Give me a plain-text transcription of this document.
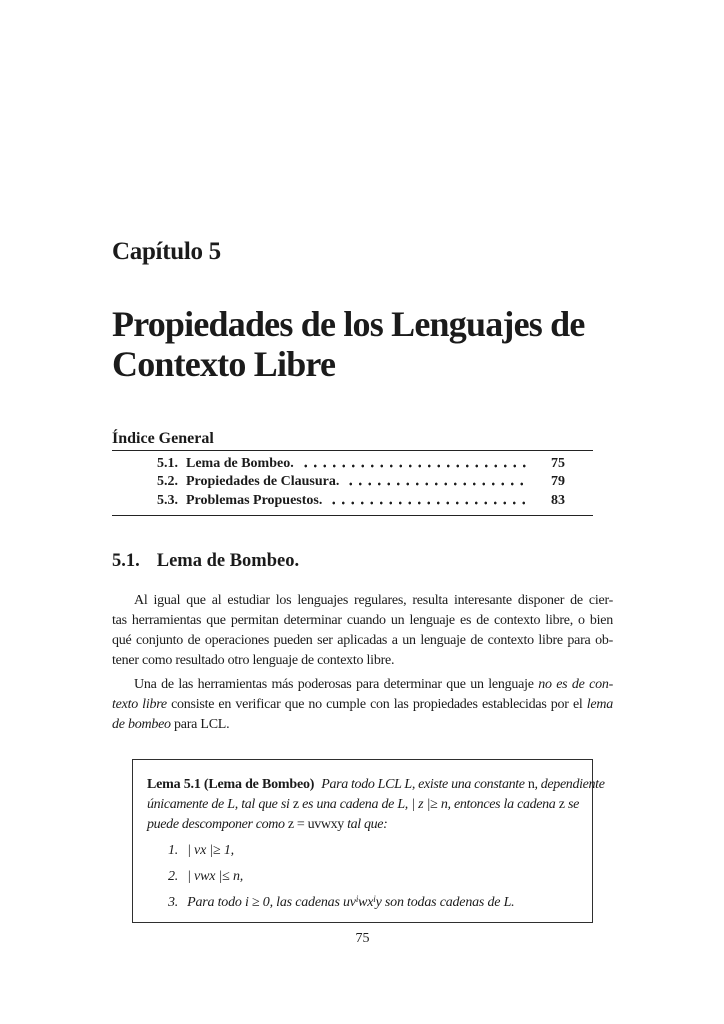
Capítulo 5
Propiedades de los Lenguajes de
Contexto Libre
Índice General
5.1. Lema de Bombeo.	75
5.2. Propiedades de Clausura.	79
5.3. Problemas Propuestos.	83
5.1. Lema de Bombeo.
Al igual que al estudiar los lenguajes regulares, resulta interesante disponer de cier-
tas herramientas que permitan determinar cuando un lenguaje es de contexto libre, o bien
qué conjunto de operaciones pueden ser aplicadas a un lenguaje de contexto libre para ob-
tener como resultado otro lenguaje de contexto libre.
Una de las herramientas más poderosas para determinar que un lenguaje no es de con-
texto libre consiste en verificar que no cumple con las propiedades establecidas por el lema
de bombeo para LCL.
Lema 5.1 (Lema de Bombeo) Para todo LCL L, existe una constante n, dependiente
únicamente de L, tal que si z es una cadena de L, | z |≥ n, entonces la cadena z se
puede descomponer como z = uvwxy tal que:
1. | vx |≥ 1,
2. | vwx |≤ n,
3. Para todo i ≥ 0, las cadenas $uv^iwx^iy$ son todas cadenas de L.
75
